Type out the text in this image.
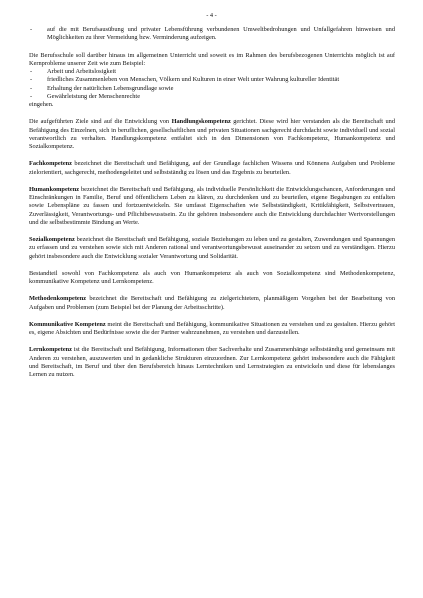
- 4 -
- auf die mit Berufsausübung und privater Lebensführung verbundenen Umweltbedrohungen und Unfallgefahren hinweisen und Möglichkeiten zu ihrer Vermeidung bzw. Verminderung aufzeigen.

Die Berufsschule soll darüber hinaus im allgemeinen Unterricht und soweit es im Rahmen des berufsbezogenen Unterrichts möglich ist auf Kernprobleme unserer Zeit wie zum Beispiel:

- Arbeit und Arbeitslosigkeit
- friedliches Zusammenleben von Menschen, Völkern und Kulturen in einer Welt unter Wahrung kultureller Identität
- Erhaltung der natürlichen Lebensgrundlage sowie
- Gewährleistung der Menschenrechte

eingehen.

Die aufgeführten Ziele sind auf die Entwicklung von Handlungskompetenz gerichtet. Diese wird hier verstanden als die Bereitschaft und Befähigung des Einzelnen, sich in beruflichen, gesellschaftlichen und privaten Situationen sachgerecht durchdacht sowie individuell und sozial verantwortlich zu verhalten. Handlungskompetenz entfaltet sich in den Dimensionen von Fachkompetenz, Humankompetenz und Sozialkompetenz.

Fachkompetenz bezeichnet die Bereitschaft und Befähigung, auf der Grundlage fachlichen Wissens und Könnens Aufgaben und Probleme zielorientiert, sachgerecht, methodengeleitet und selbstständig zu lösen und das Ergebnis zu beurteilen.

Humankompetenz bezeichnet die Bereitschaft und Befähigung, als individuelle Persönlichkeit die Entwicklungschancen, Anforderungen und Einschränkungen in Familie, Beruf und öffentlichem Leben zu klären, zu durchdenken und zu beurteilen, eigene Begabungen zu entfalten sowie Lebenspläne zu fassen und fortzuentwickeln. Sie umfasst Eigenschaften wie Selbstständigkeit, Kritikfähigkeit, Selbstvertrauen, Zuverlässigkeit, Verantwortungs- und Pflichtbewusstsein. Zu ihr gehören insbesondere auch die Entwicklung durchdachter Wertvorstellungen und die selbstbestimmte Bindung an Werte.

Sozialkompetenz bezeichnet die Bereitschaft und Befähigung, soziale Beziehungen zu leben und zu gestalten, Zuwendungen und Spannungen zu erfassen und zu verstehen sowie sich mit Anderen rational und verantwortungsbewusst auseinander zu setzen und zu verständigen. Hierzu gehört insbesondere auch die Entwicklung sozialer Verantwortung und Solidarität.

Bestandteil sowohl von Fachkompetenz als auch von Humankompetenz als auch von Sozialkompetenz sind Methodenkompetenz, kommunikative Kompetenz und Lernkompetenz.

Methodenkompetenz bezeichnet die Bereitschaft und Befähigung zu zielgerichtetem, planmäßigem Vorgehen bei der Bearbeitung von Aufgaben und Problemen (zum Beispiel bei der Planung der Arbeitsschritte).

Kommunikative Kompetenz meint die Bereitschaft und Befähigung, kommunikative Situationen zu verstehen und zu gestalten. Hierzu gehört es, eigene Absichten und Bedürfnisse sowie die der Partner wahrzunehmen, zu verstehen und darzustellen.

Lernkompetenz ist die Bereitschaft und Befähigung, Informationen über Sachverhalte und Zusammenhänge selbstständig und gemeinsam mit Anderen zu verstehen, auszuwerten und in gedankliche Strukturen einzuordnen. Zur Lernkompetenz gehört insbesondere auch die Fähigkeit und Bereitschaft, im Beruf und über den Berufsbereich hinaus Lerntechniken und Lernstrategien zu entwickeln und diese für lebenslanges Lernen zu nutzen.
